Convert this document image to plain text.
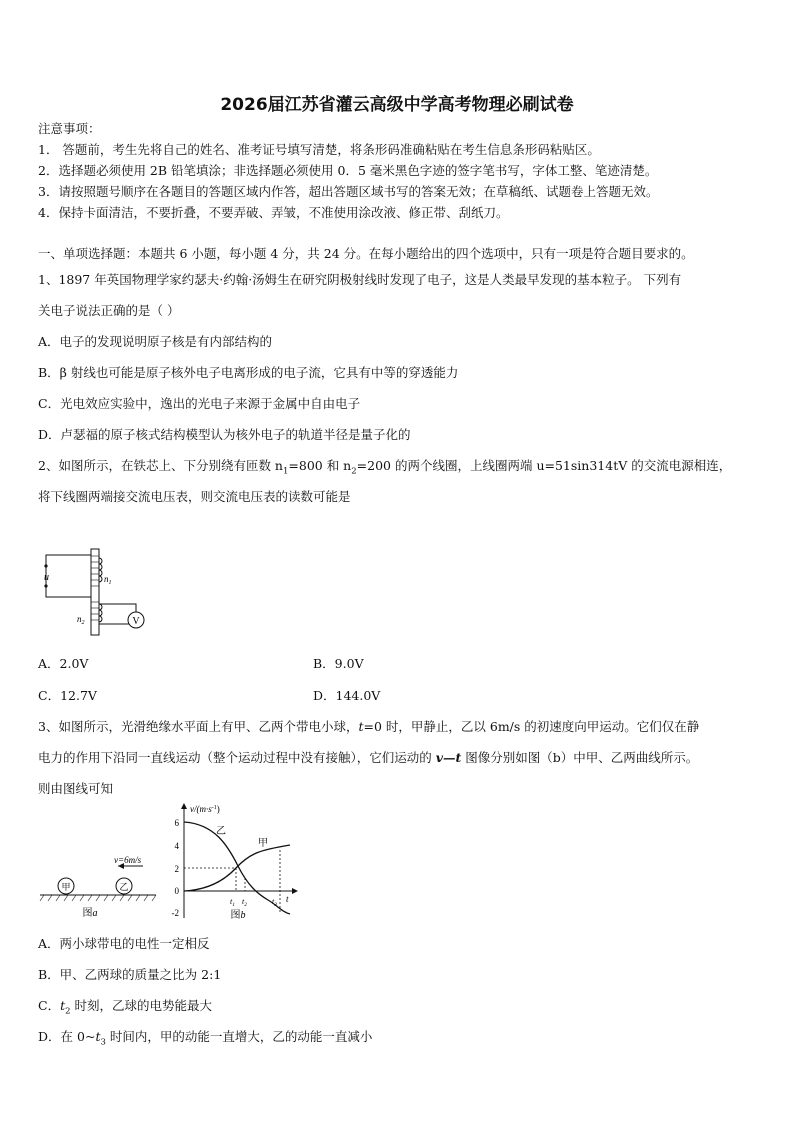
2026届江苏省灌云高级中学高考物理必刷试卷
注意事项：
1． 答题前，考生先将自己的姓名、准考证号填写清楚，将条形码准确粘贴在考生信息条形码粘贴区。
2．选择题必须使用 2B 铅笔填涂；非选择题必须使用 0．5 毫米黑色字迹的签字笔书写，字体工整、笔迹清楚。
3．请按照题号顺序在各题目的答题区域内作答，超出答题区域书写的答案无效；在草稿纸、试题卷上答题无效。
4．保持卡面清洁，不要折叠，不要弄破、弄皱，不准使用涂改液、修正带、刮纸刀。
一、单项选择题：本题共 6 小题，每小题 4 分，共 24 分。在每小题给出的四个选项中，只有一项是符合题目要求的。
1、1897 年英国物理学家约瑟夫·约翰·汤姆生在研究阴极射线时发现了电子，这是人类最早发现的基本粒子。 下列有
关电子说法正确的是（ ）
A．电子的发现说明原子核是有内部结构的
B．β 射线也可能是原子核外电子电离形成的电子流，它具有中等的穿透能力
C．光电效应实验中，逸出的光电子来源于金属中自由电子
D．卢瑟福的原子核式结构模型认为核外电子的轨道半径是量子化的
2、如图所示，在铁芯上、下分别绕有匝数 $n_1=800$ 和 $n_2=200$ 的两个线圈，上线圈两端 u=51sin314tV 的交流电源相连，
将下线圈两端接交流电压表，则交流电压表的读数可能是
V
u	$n_1$
$n_2$
A．2.0V	B．9.0V
C．12.7V	D．144.0V
3、如图所示，光滑绝缘水平面上有甲、乙两个带电小球，t=0 时，甲静止，乙以 6m/s 的初速度向甲运动。它们仅在静
电力的作用下沿同一直线运动（整个运动过程中没有接触），它们运动的 v—t 图像分别如图（b）中甲、乙两曲线所示。
则由图线可知
v=6m/s
甲	乙
图a
$v/(m\cdot s^{-1})$
t
6
4
2
0
-2
乙
甲
$t_1$ $t_2$	$t_3$
图b
A．两小球带电的电性一定相反
B．甲、乙两球的质量之比为 2:1
C．$t_2$ 时刻，乙球的电势能最大
D．在 $0\sim t_3$ 时间内，甲的动能一直增大，乙的动能一直减小
